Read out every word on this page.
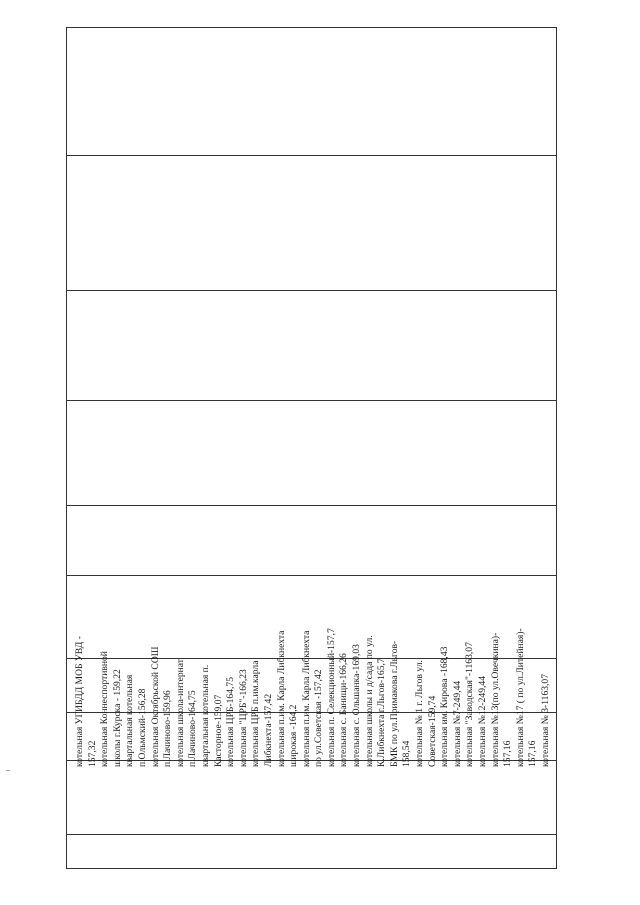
котельная УГИБДД МОБ УВД - 157,32 котельная Коннеспортивной школы г.Курска - 159,22 квартальная котельная п.Ольмский-156,28 котельная Октябрьской СОШ п.Лачиново-159,96 котельная школа-интернат п.Лачиново-164,75 квартальная котельная п. Касторное-159,07 котельная ЦРБ-164,75 котельная "ЦРБ"-166,23 котельная ЦРБ п.им.карла Либкнехта-157,42 котельная п.им. Карла Либкнехта широкая -164,2 котельная п.им. Карла Либкнехта по ул.Советская -157,42 котельная п. Селекционный-157,7 котельная с. Банищи-166,26 котельная с. Ольшанка-169,03 котельная школы и д/сада по ул. К.Либкнехта г.Льгов-165,7 БМК по ул.Примакова г.Льгов- 158,54 котельная № 1 г. Льгов ул. Советская-159,74 котельная им. Кирова -168,43 котельная №7-249,44 котельная "Заводская"-1163,07 котельная №12-249,44 котельная №13(по ул.Овечкина)- 157,16 котельная №17 ( по ул.Литейная)- 157,16 котельная № 3-1163,07
